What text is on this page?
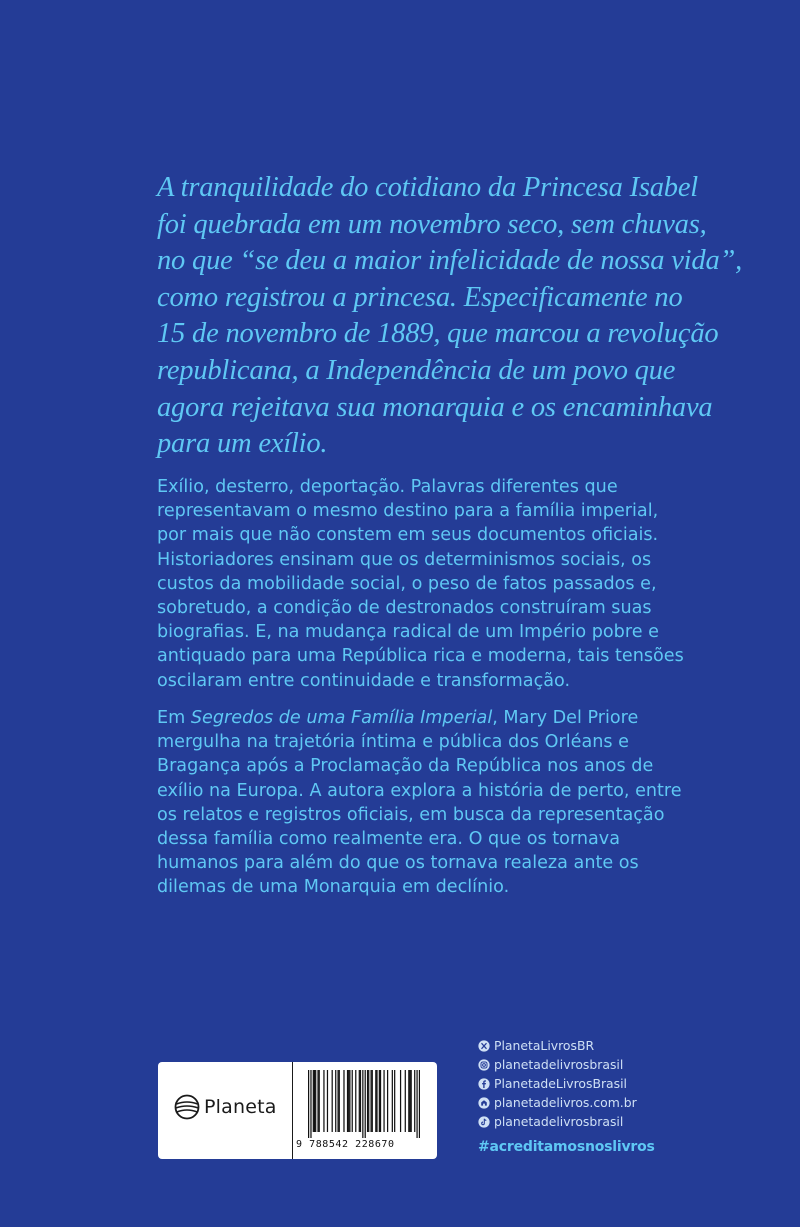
A tranquilidade do cotidiano da Princesa Isabel
foi quebrada em um novembro seco, sem chuvas,
no que “se deu a maior infelicidade de nossa vida”,
como registrou a princesa. Especificamente no
15 de novembro de 1889, que marcou a revolução
republicana, a Independência de um povo que
agora rejeitava sua monarquia e os encaminhava
para um exílio.
Exílio, desterro, deportação. Palavras diferentes que
representavam o mesmo destino para a família imperial,
por mais que não constem em seus documentos oficiais.
Historiadores ensinam que os determinismos sociais, os
custos da mobilidade social, o peso de fatos passados e,
sobretudo, a condição de destronados construíram suas
biografias. E, na mudança radical de um Império pobre e
antiquado para uma República rica e moderna, tais tensões
oscilaram entre continuidade e transformação.
Em Segredos de uma Família Imperial, Mary Del Priore
mergulha na trajetória íntima e pública dos Orléans e
Bragança após a Proclamação da República nos anos de
exílio na Europa. A autora explora a história de perto, entre
os relatos e registros oficiais, em busca da representação
dessa família como realmente era. O que os tornava
humanos para além do que os tornava realeza ante os
dilemas de uma Monarquia em declínio.
Planeta
9 788542 228670
PlanetaLivrosBR
planetadelivrosbrasil
PlanetadeLivrosBrasil
planetadelivros.com.br
planetadelivrosbrasil
#acreditamosnoslivros
